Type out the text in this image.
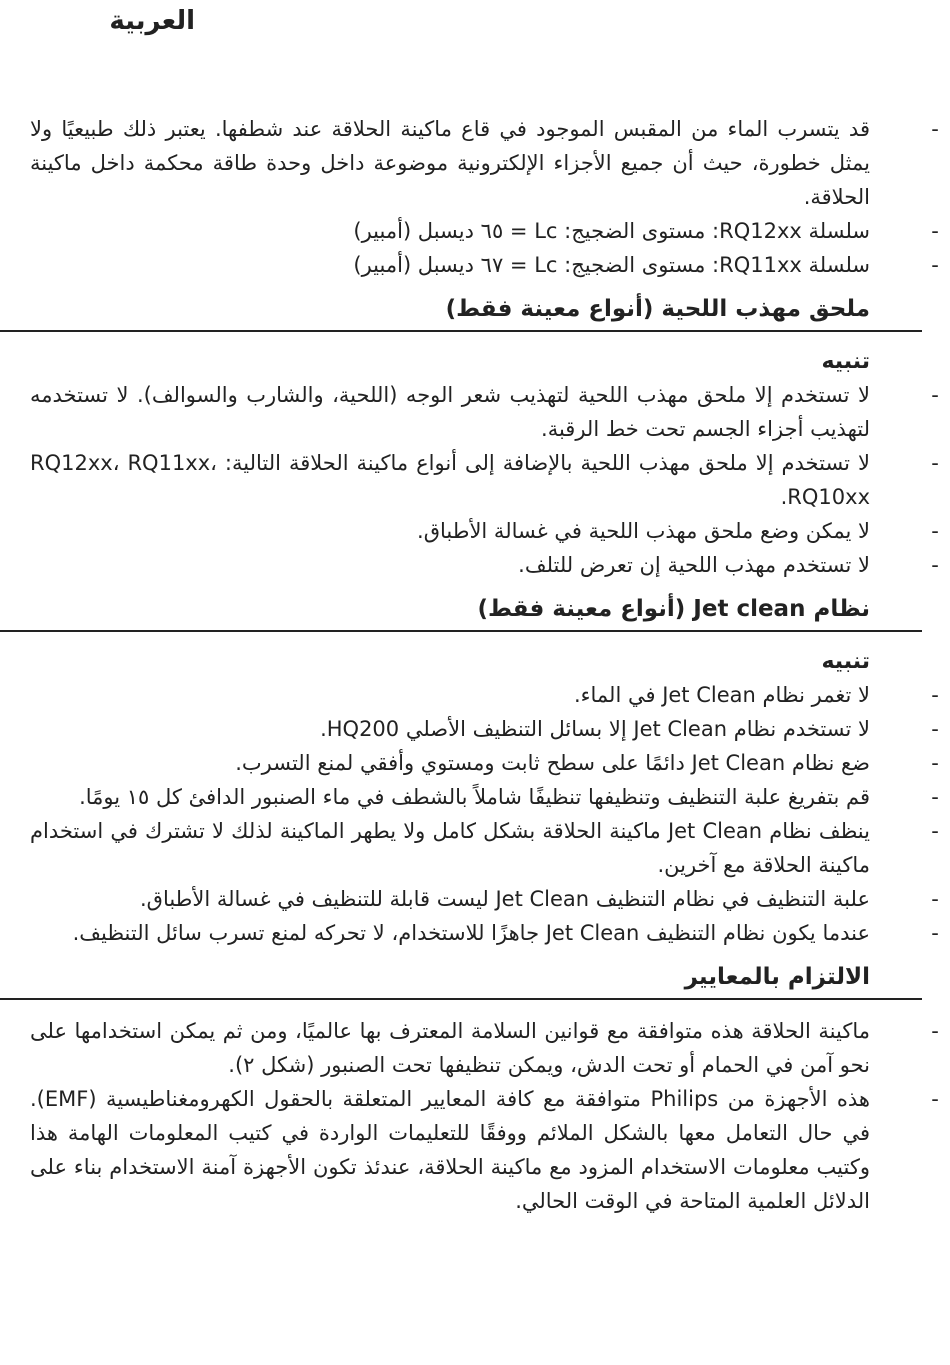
العربية
-
قد يتسرب الماء من المقبس الموجود في قاع ماكينة الحلاقة عند شطفها. يعتبر ذلك طبيعيًا ولا يمثل خطورة، حيث أن جميع الأجزاء الإلكترونية موضوعة داخل وحدة طاقة محكمة داخل ماكينة الحلاقة.
-
سلسلة RQ12xx: مستوى الضجيج: Lc = ٦٥ ديسبل (أمبير)
-
سلسلة RQ11xx: مستوى الضجيج: Lc = ٦٧ ديسبل (أمبير)
ملحق مهذب اللحية (أنواع معينة فقط)

تنبيه

-
لا تستخدم إلا ملحق مهذب اللحية لتهذيب شعر الوجه (اللحية، والشارب والسوالف). لا تستخدمه لتهذيب أجزاء الجسم تحت خط الرقبة.
-
لا تستخدم إلا ملحق مهذب اللحية بالإضافة إلى أنواع ماكينة الحلاقة التالية: RQ12xx، RQ11xx، RQ10xx.
-
لا يمكن وضع ملحق مهذب اللحية في غسالة الأطباق.
-
لا تستخدم مهذب اللحية إن تعرض للتلف.
نظام Jet clean (أنواع معينة فقط)

تنبيه

-
لا تغمر نظام Jet Clean في الماء.
-
لا تستخدم نظام Jet Clean إلا بسائل التنظيف الأصلي HQ200.
-
ضع نظام Jet Clean دائمًا على سطح ثابت ومستوي وأفقي لمنع التسرب.
-
قم بتفريغ علبة التنظيف وتنظيفها تنظيفًا شاملاً بالشطف في ماء الصنبور الدافئ كل ١٥ يومًا.
-
ينظف نظام Jet Clean ماكينة الحلاقة بشكل كامل ولا يطهر الماكينة لذلك لا تشترك في استخدام ماكينة الحلاقة مع آخرين.
-
علبة التنظيف في نظام التنظيف Jet Clean ليست قابلة للتنظيف في غسالة الأطباق.
-
عندما يكون نظام التنظيف Jet Clean جاهزًا للاستخدام، لا تحركه لمنع تسرب سائل التنظيف.
الالتزام بالمعايير
-
ماكينة الحلاقة هذه متوافقة مع قوانين السلامة المعترف بها عالميًا، ومن ثم يمكن استخدامها على نحو آمن في الحمام أو تحت الدش، ويمكن تنظيفها تحت الصنبور (شكل ٢).
-
هذه الأجهزة من Philips متوافقة مع كافة المعايير المتعلقة بالحقول الكهرومغناطيسية (EMF). في حال التعامل معها بالشكل الملائم ووفقًا للتعليمات الواردة في كتيب المعلومات الهامة هذا وكتيب معلومات الاستخدام المزود مع ماكينة الحلاقة، عندئذ تكون الأجهزة آمنة الاستخدام بناء على الدلائل العلمية المتاحة في الوقت الحالي.
